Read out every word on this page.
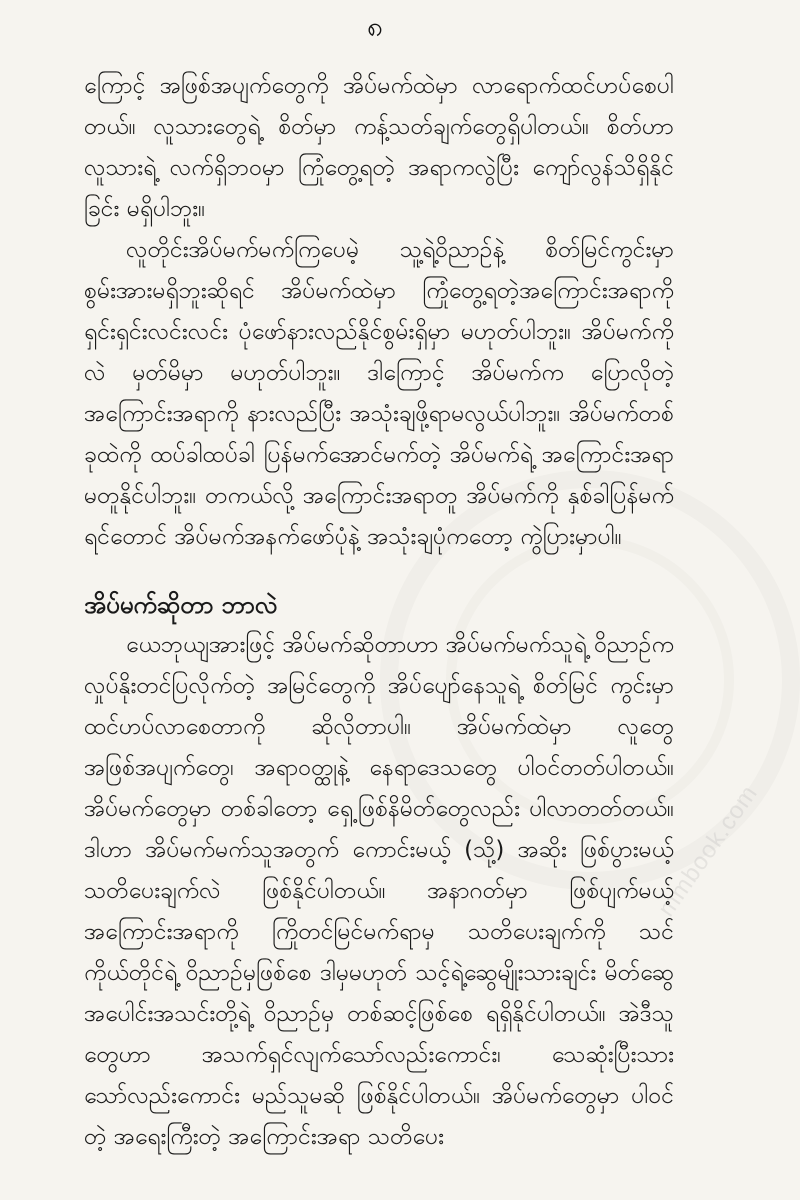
mmbook.com
၈

ကြောင့် အဖြစ်အပျက်တွေကို အိပ်မက်ထဲမှာ လာရောက်ထင်ဟပ်စေပါတယ်။ လူသားတွေရဲ့ စိတ်မှာ ကန့်သတ်ချက်တွေရှိပါတယ်။ စိတ်ဟာ လူသားရဲ့ လက်ရှိဘဝမှာ ကြုံတွေ့ရတဲ့ အရာကလွဲပြီး ကျော်လွန်သိရှိနိုင်ခြင်း မရှိပါဘူး။

လူတိုင်းအိပ်မက်မက်ကြပေမဲ့ သူ့ရဲ့ဝိညာဉ်နဲ့ စိတ်မြင်ကွင်းမှာ စွမ်းအားမရှိဘူးဆိုရင် အိပ်မက်ထဲမှာ ကြုံတွေ့ရတဲ့အကြောင်းအရာကို ရှင်းရှင်းလင်းလင်း ပုံဖော်နားလည်နိုင်စွမ်းရှိမှာ မဟုတ်ပါဘူး။ အိပ်မက်ကိုလဲ မှတ်မိမှာ မဟုတ်ပါဘူး။ ဒါကြောင့် အိပ်မက်က ပြောလိုတဲ့အကြောင်းအရာကို နားလည်ပြီး အသုံးချဖို့ရာမလွယ်ပါဘူး။ အိပ်မက်တစ်ခုထဲကို ထပ်ခါထပ်ခါ ပြန်မက်အောင်မက်တဲ့ အိပ်မက်ရဲ့ အကြောင်းအရာ မတူနိုင်ပါဘူး။ တကယ်လို့ အကြောင်းအရာတူ အိပ်မက်ကို နှစ်ခါပြန်မက်ရင်တောင် အိပ်မက်အနက်ဖော်ပုံနဲ့ အသုံးချပုံကတော့ ကွဲပြားမှာပါ။

အိပ်မက်ဆိုတာ ဘာလဲ

ယေဘုယျအားဖြင့် အိပ်မက်ဆိုတာဟာ အိပ်မက်မက်သူရဲ့ ဝိညာဉ်က လှုပ်နိုးတင်ပြလိုက်တဲ့ အမြင်တွေကို အိပ်ပျော်နေသူရဲ့ စိတ်မြင် ကွင်းမှာ ထင်ဟပ်လာစေတာကို ဆိုလိုတာပါ။ အိပ်မက်ထဲမှာ လူတွေ အဖြစ်အပျက်တွေ၊ အရာဝတ္ထုနဲ့ နေရာဒေသတွေ ပါဝင်တတ်ပါတယ်။ အိပ်မက်တွေမှာ တစ်ခါတော့ ရှေ့ဖြစ်နိမိတ်တွေလည်း ပါလာတတ်တယ်။ ဒါဟာ အိပ်မက်မက်သူအတွက် ကောင်းမယ့် (သို့) အဆိုး ဖြစ်ပွားမယ့် သတိပေးချက်လဲ ဖြစ်နိုင်ပါတယ်။ အနာဂတ်မှာ ဖြစ်ပျက်မယ့် အကြောင်းအရာကို ကြိုတင်မြင်မက်ရာမှ သတိပေးချက်ကို သင်ကိုယ်တိုင်ရဲ့ ဝိညာဉ်မှဖြစ်စေ ဒါမှမဟုတ် သင့်ရဲ့ဆွေမျိုးသားချင်း မိတ်ဆွေအပေါင်းအသင်းတို့ရဲ့ ဝိညာဉ်မှ တစ်ဆင့်ဖြစ်စေ ရရှိနိုင်ပါတယ်။ အဲဒီသူတွေဟာ အသက်ရှင်လျက်သော်လည်းကောင်း၊ သေဆုံးပြီးသားသော်လည်းကောင်း မည်သူမဆို ဖြစ်နိုင်ပါတယ်။ အိပ်မက်တွေမှာ ပါဝင်တဲ့ အရေးကြီးတဲ့ အကြောင်းအရာ သတိပေး
